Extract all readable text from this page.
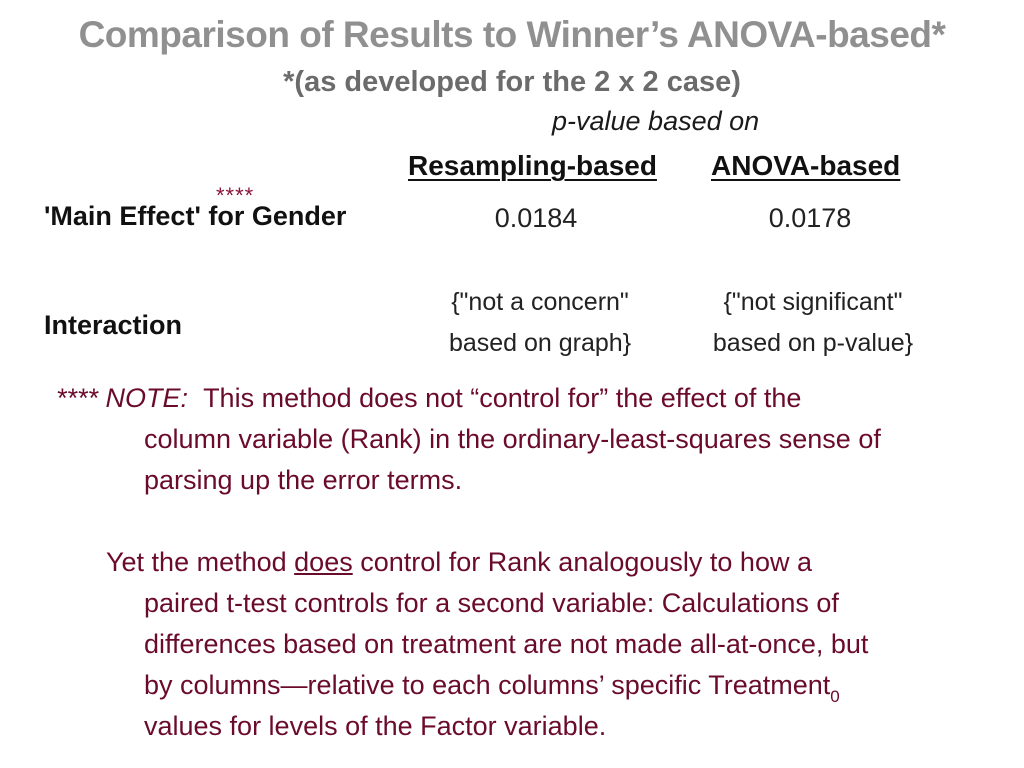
Comparison of Results to Winner’s ANOVA-based*
*(as developed for the 2 x 2 case)
p-value based on
Resampling-based ANOVA-based
****
'Main Effect' for Gender	0.0184	0.0178
Interaction
{"not a concern"
based on graph}
{"not significant"
based on p-value}
**** NOTE: This method does not “control for” the effect of the
column variable (Rank) in the ordinary-least-squares sense of
parsing up the error terms.
Yet the method does control for Rank analogously to how a
paired t-test controls for a second variable: Calculations of
differences based on treatment are not made all-at-once, but
by columns—relative to each columns’ specific Treatment$_0$
values for levels of the Factor variable.
